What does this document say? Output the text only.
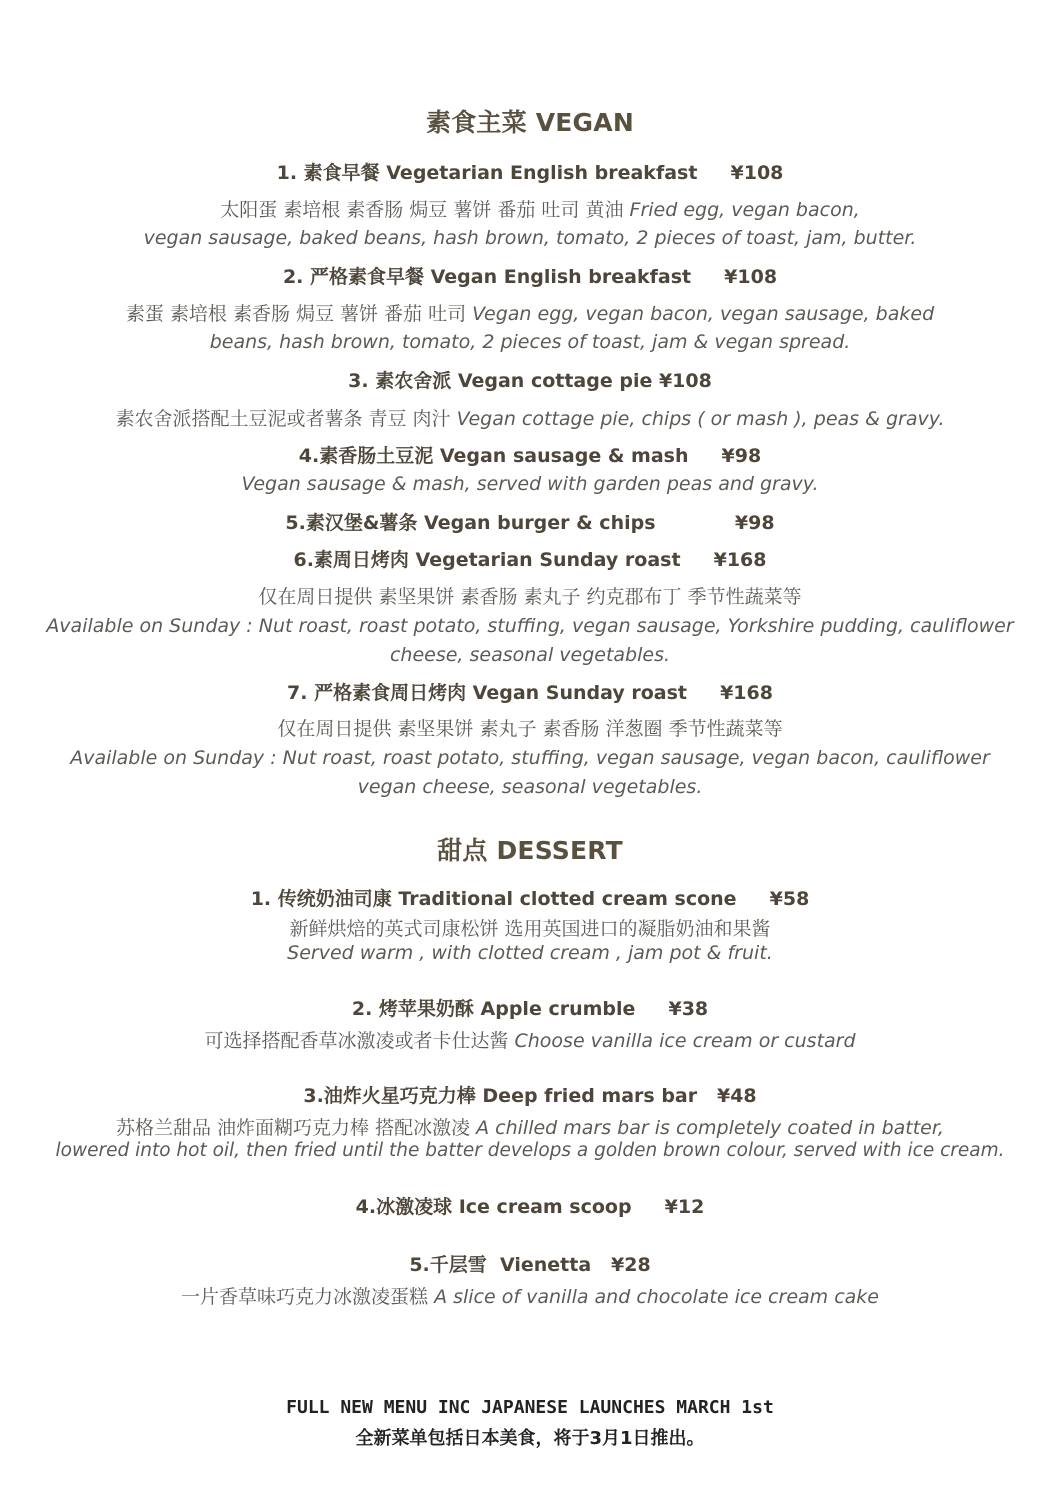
素食主菜 VEGAN
1. 素食早餐 Vegetarian English breakfast     ¥108
太阳蛋 素培根 素香肠 焗豆 薯饼 番茄 吐司 黄油 Fried egg, vegan bacon,
vegan sausage, baked beans, hash brown, tomato, 2 pieces of toast, jam, butter.
2. 严格素食早餐 Vegan English breakfast     ¥108
素蛋 素培根 素香肠 焗豆 薯饼 番茄 吐司 Vegan egg, vegan bacon, vegan sausage, baked
beans, hash brown, tomato, 2 pieces of toast, jam & vegan spread.
3. 素农舍派 Vegan cottage pie ¥108
素农舍派搭配土豆泥或者薯条 青豆 肉汁 Vegan cottage pie, chips ( or mash ), peas & gravy.
4.素香肠土豆泥 Vegan sausage & mash     ¥98
Vegan sausage & mash, served with garden peas and gravy.
5.素汉堡&薯条 Vegan burger & chips            ¥98
6.素周日烤肉 Vegetarian Sunday roast     ¥168
仅在周日提供 素坚果饼 素香肠 素丸子 约克郡布丁 季节性蔬菜等
Available on Sunday : Nut roast, roast potato, stuffing, vegan sausage, Yorkshire pudding, cauliflower
cheese, seasonal vegetables.
7. 严格素食周日烤肉 Vegan Sunday roast     ¥168
仅在周日提供 素坚果饼 素丸子 素香肠 洋葱圈 季节性蔬菜等
Available on Sunday : Nut roast, roast potato, stuffing, vegan sausage, vegan bacon, cauliflower
vegan cheese, seasonal vegetables.
甜点 DESSERT
1. 传统奶油司康 Traditional clotted cream scone     ¥58
新鲜烘焙的英式司康松饼 选用英国进口的凝脂奶油和果酱
Served warm , with clotted cream , jam pot & fruit.
2. 烤苹果奶酥 Apple crumble     ¥38
可选择搭配香草冰激凌或者卡仕达酱 Choose vanilla ice cream or custard
3.油炸火星巧克力棒 Deep fried mars bar   ¥48
苏格兰甜品 油炸面糊巧克力棒 搭配冰激凌 A chilled mars bar is completely coated in batter,
lowered into hot oil, then fried until the batter develops a golden brown colour, served with ice cream.
4.冰激凌球 Ice cream scoop     ¥12
5.千层雪  Vienetta   ¥28
一片香草味巧克力冰激凌蛋糕 A slice of vanilla and chocolate ice cream cake
FULL NEW MENU INC JAPANESE LAUNCHES MARCH 1st
全新菜单包括日本美食，将于3月1日推出。
